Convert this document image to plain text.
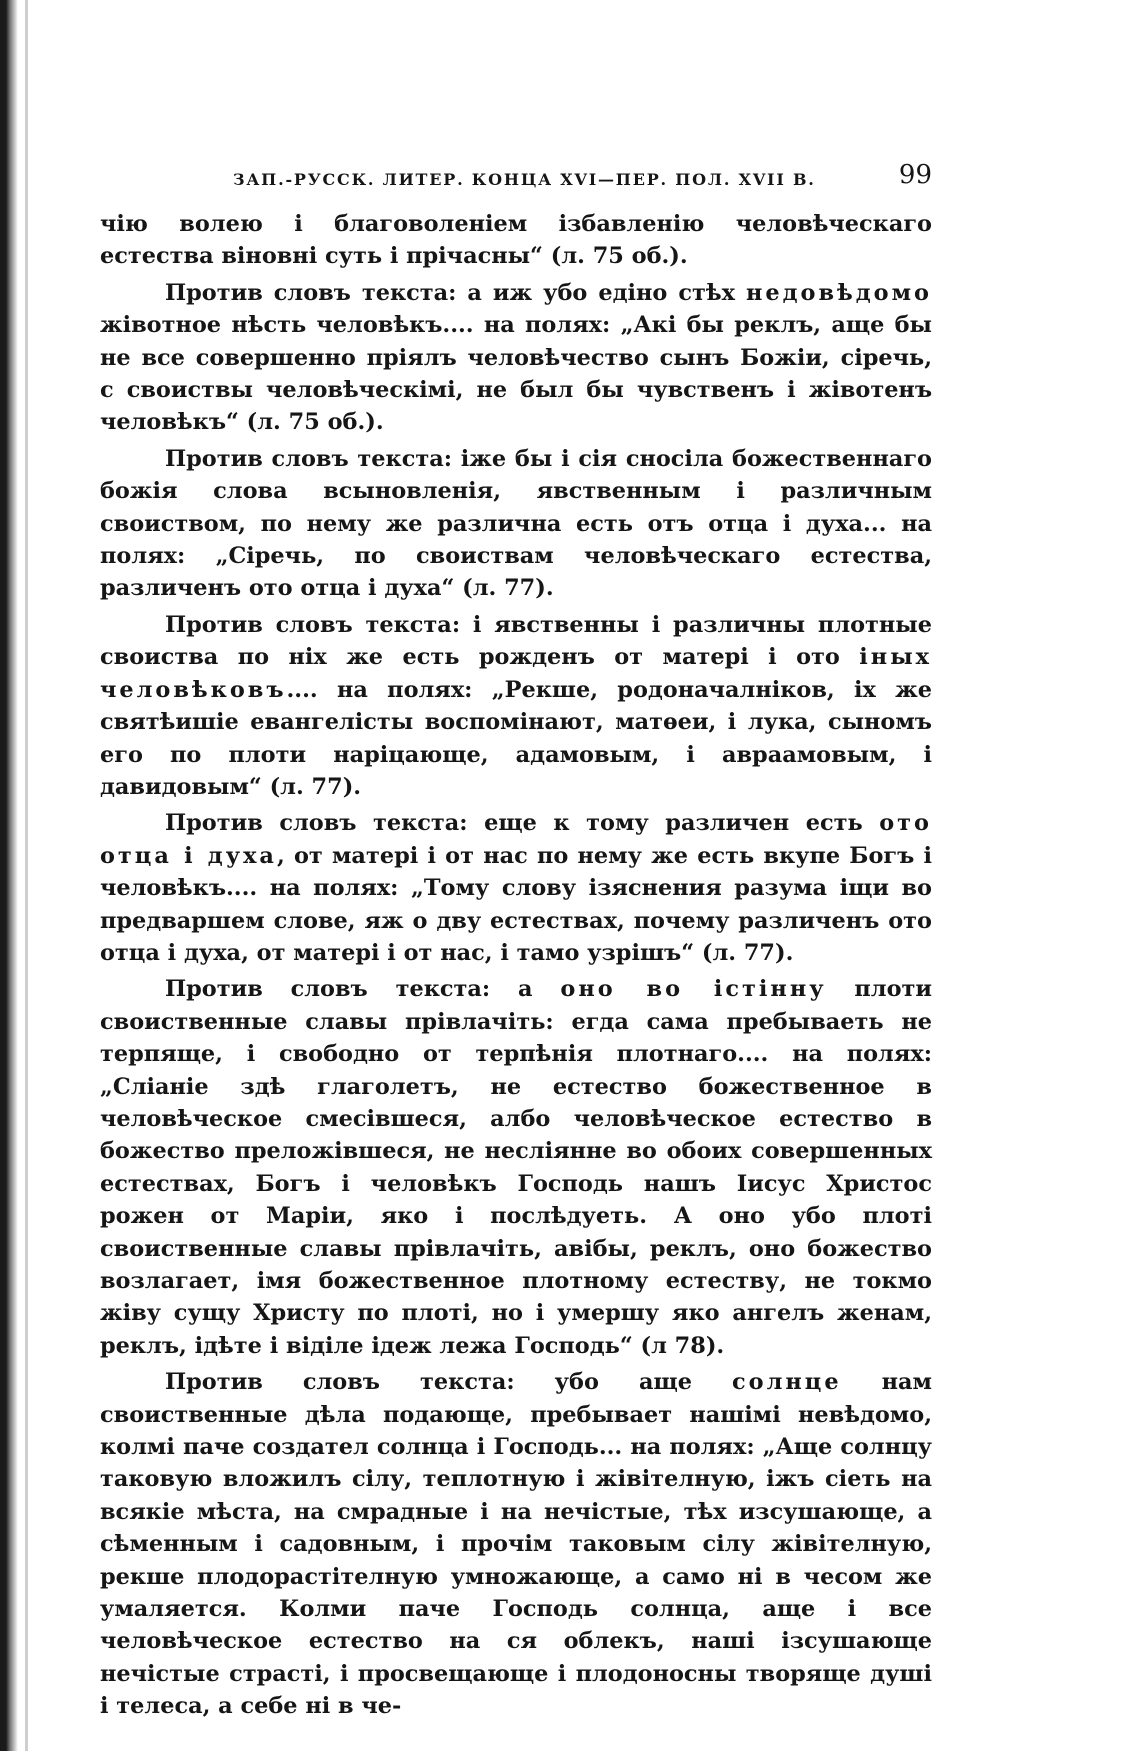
ЗАП.-РУССК. ЛИТЕР. КОНЦА XVI—ПЕР. ПОЛ. XVII В.	99

чію волею і благоволеніем ізбавленію человѣческаго естества віновні суть і прічасны“ (л. 75 об.).

Против словъ текста: а иж убо едіно стѣх недовѣдомо жівотное нѣсть человѣкъ.... на полях: „Акі бы реклъ, аще бы не все совершенно прiялъ человѣчество сынъ Божіи, сіречь, с своиствы человѣческімі, не был бы чувственъ і жівотенъ человѣкъ“ (л. 75 об.).

Против словъ текста: іже бы і сія сносіла божественнаго божія слова всыновленія, явственным і различным своиством, по нему же различна есть отъ отца і духа... на полях: „Сіречь, по своиствам человѣческаго естества, различенъ ото отца і духа“ (л. 77).

Против словъ текста: і явственны і различны плотные своиства по ніх же есть рожденъ от матері і ото іных человѣковъ.... на полях: „Рекше, родоначалніков, іх же святѣишіе евангелісты воспомінают, матѳеи, і лука, сыномъ его по плоти наріцающе, адамовым, і авраамовым, і давидовым“ (л. 77).

Против словъ текста: еще к тому различен есть ото отца і духа, от матері і от нас по нему же есть вкупе Богъ і человѣкъ.... на полях: „Тому слову ізяснения разума іщи во предваршем слове, яж о дву естествах, почему различенъ ото отца і духа, от матері і от нас, і тамо узрішъ“ (л. 77).

Против словъ текста: а оно во істінну плоти своиственные славы прівлачіть: егда сама пребываеть не терпяще, і свободно от терпѣнія плотнаго.... на полях: „Сліаніе здѣ глаголетъ, не естество божественное в человѣческое смесівшеся, албо человѣческое естество в божество преложівшеся, не неслiянне во обоих совершенных естествах, Богъ і человѣкъ Господь нашъ Іисус Христос рожен от Маріи, яко і послѣдуеть. А оно убо плоті своиственные славы прівлачіть, авібы, реклъ, оно божество возлагает, імя божественное плотному естеству, не токмо жіву сущу Христу по плоті, но і умершу яко ангелъ женам, реклъ, ідѣте і віділе ідеж лежа Господь“ (л 78).

Против словъ текста: убо аще солнце нам своиственные дѣла подающе, пребывает нашімі невѣдомо, колмі паче создател солнца і Господь... на полях: „Аще солнцу таковую вложилъ сілу, теплотную і жівітелную, іжъ сіеть на всякіе мѣста, на смрадные і на нечістые, тѣх изсушающе, а сѣменным і садовным, і прочім таковым сілу жівітелную, рекше плодорастітелную умножающе, а само ні в чесом же умаляется. Колми паче Господь солнца, аще і все человѣческое естество на ся облекъ, наші ізсушающе нечістые страсті, і просвещающе і плодоносны творяще душі і телеса, а себе ні в че-
